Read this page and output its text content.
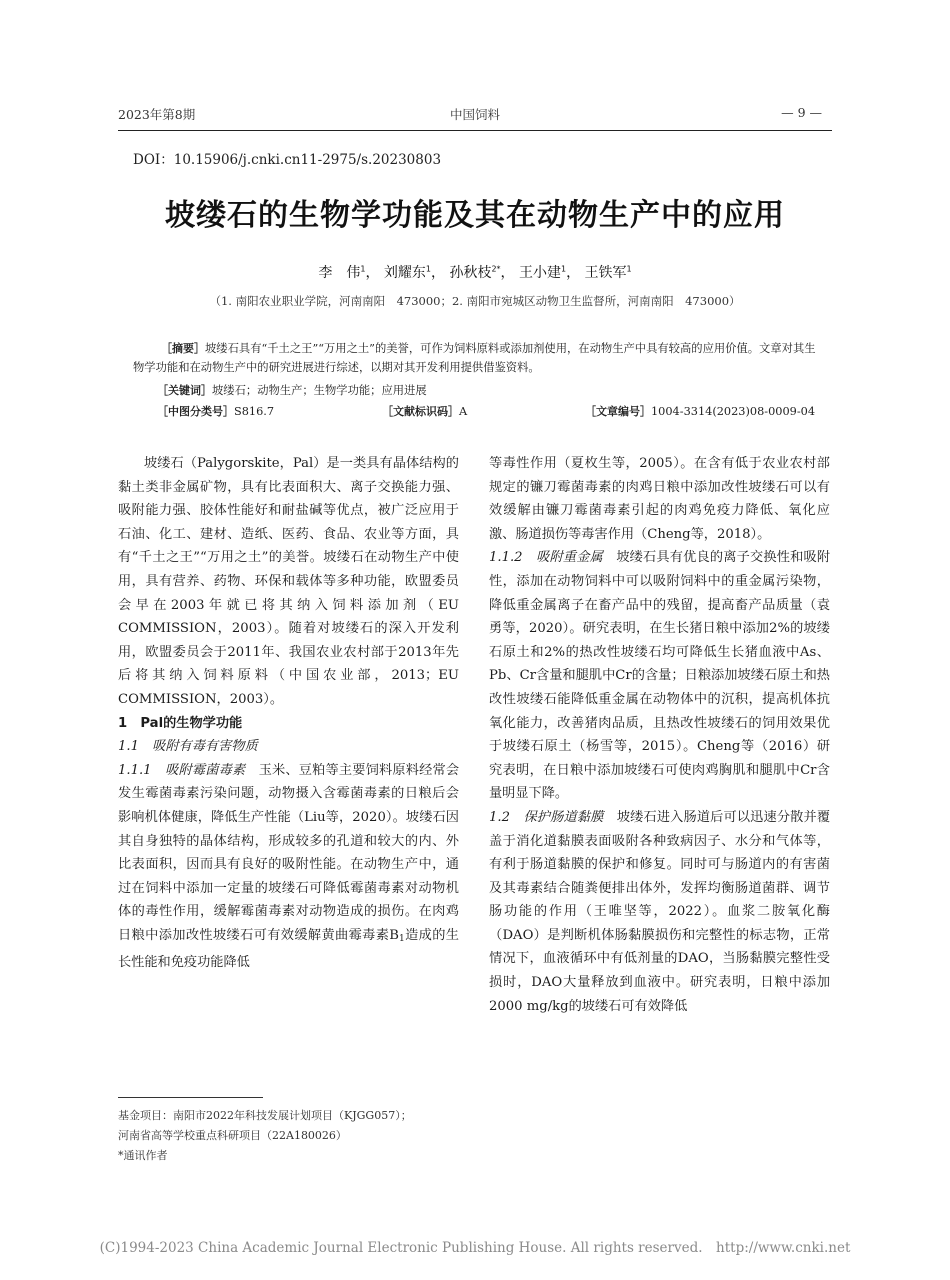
2023年第8期	中国饲料	— 9 —
DOI：10.15906/j.cnki.cn11-2975/s.20230803
坡缕石的生物学功能及其在动物生产中的应用
李　伟$^1$， 刘耀东$^1$， 孙秋枝$^{2*}$， 王小建$^1$， 王铁军$^1$
（1. 南阳农业职业学院，河南南阳　473000；2. 南阳市宛城区动物卫生监督所，河南南阳　473000）
［摘要］坡缕石具有“千土之王”“万用之土”的美誉，可作为饲料原料或添加剂使用，在动物生产中具有较高的应用价值。文章对其生物学功能和在动物生产中的研究进展进行综述，以期对其开发利用提供借鉴资料。
［关键词］坡缕石；动物生产；生物学功能；应用进展
［中图分类号］S816.7	［文献标识码］A	［文章编号］1004-3314(2023)08-0009-04

坡缕石（Palygorskite，Pal）是一类具有晶体结构的黏土类非金属矿物，具有比表面积大、离子交换能力强、吸附能力强、胶体性能好和耐盐碱等优点，被广泛应用于石油、化工、建材、造纸、医药、食品、农业等方面，具有“千土之王”“万用之土”的美誉。坡缕石在动物生产中使用，具有营养、药物、环保和载体等多种功能，欧盟委员会早在2003年就已将其纳入饲料添加剂（EU COMMISSION，2003）。随着对坡缕石的深入开发利用，欧盟委员会于2011年、我国农业农村部于2013年先后将其纳入饲料原料（中国农业部，2013；EU COMMISSION，2003）。

1　Pal的生物学功能

1.1　吸附有毒有害物质

1.1.1　吸附霉菌毒素　 玉米、豆粕等主要饲料原料经常会发生霉菌毒素污染问题，动物摄入含霉菌毒素的日粮后会影响机体健康，降低生产性能（Liu等，2020）。坡缕石因其自身独特的晶体结构，形成较多的孔道和较大的内、外比表面积，因而具有良好的吸附性能。在动物生产中，通过在饲料中添加一定量的坡缕石可降低霉菌毒素对动物机体的毒性作用，缓解霉菌毒素对动物造成的损伤。在肉鸡日粮中添加改性坡缕石可有效缓解黄曲霉毒素$B_1$造成的生长性能和免疫功能降低

基金项目：南阳市2022年科技发展计划项目（KJGG057）；
河南省高等学校重点科研项目（22A180026）
*通讯作者

等毒性作用（夏枚生等，2005）。在含有低于农业农村部规定的镰刀霉菌毒素的肉鸡日粮中添加改性坡缕石可以有效缓解由镰刀霉菌毒素引起的肉鸡免疫力降低、氧化应激、肠道损伤等毒害作用（Cheng等，2018）。

1.1.2　吸附重金属　 坡缕石具有优良的离子交换性和吸附性，添加在动物饲料中可以吸附饲料中的重金属污染物，降低重金属离子在畜产品中的残留，提高畜产品质量（袁勇等，2020）。研究表明，在生长猪日粮中添加2%的坡缕石原土和2%的热改性坡缕石均可降低生长猪血液中As、Pb、Cr含量和腿肌中Cr的含量；日粮添加坡缕石原土和热改性坡缕石能降低重金属在动物体中的沉积，提高机体抗氧化能力，改善猪肉品质，且热改性坡缕石的饲用效果优于坡缕石原土（杨雪等，2015）。Cheng等（2016）研究表明，在日粮中添加坡缕石可使肉鸡胸肌和腿肌中Cr含量明显下降。

1.2　保护肠道黏膜　 坡缕石进入肠道后可以迅速分散并覆盖于消化道黏膜表面吸附各种致病因子、水分和气体等，有利于肠道黏膜的保护和修复。同时可与肠道内的有害菌及其毒素结合随粪便排出体外，发挥均衡肠道菌群、调节肠功能的作用（王唯坚等，2022）。血浆二胺氧化酶（DAO）是判断机体肠黏膜损伤和完整性的标志物，正常情况下，血液循环中有低剂量的DAO，当肠黏膜完整性受损时，DAO大量释放到血液中。研究表明，日粮中添加2000 mg/kg的坡缕石可有效降低

(C)1994-2023 China Academic Journal Electronic Publishing House. All rights reserved.　http://www.cnki.net
